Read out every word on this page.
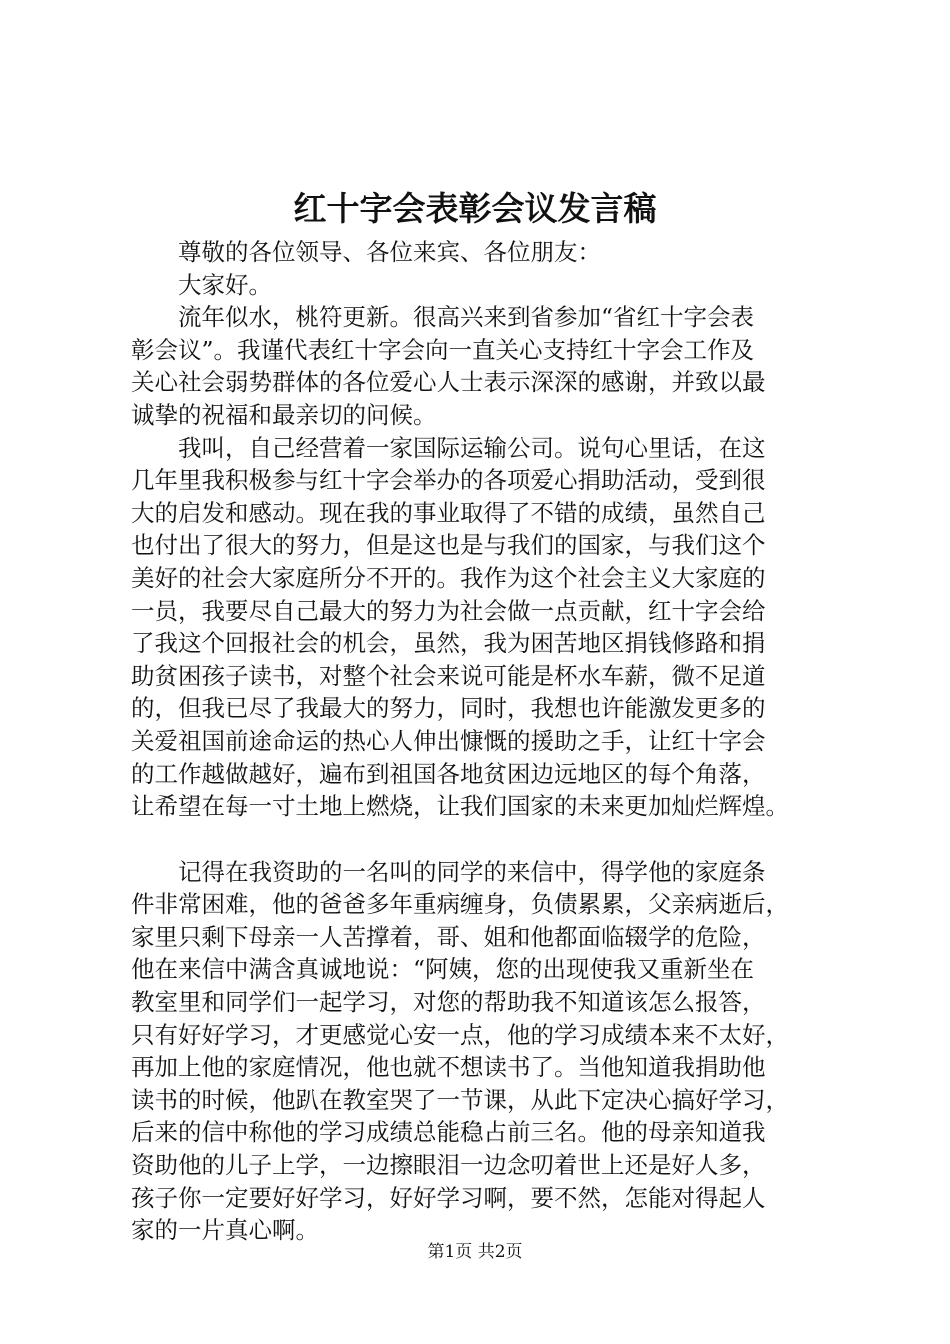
红十字会表彰会议发言稿

尊敬的各位领导、各位来宾、各位朋友：

大家好。

流年似水，桃符更新。很高兴来到省参加“省红十字会表
彰会议”。我谨代表红十字会向一直关心支持红十字会工作及
关心社会弱势群体的各位爱心人士表示深深的感谢，并致以最
诚挚的祝福和最亲切的问候。

我叫，自己经营着一家国际运输公司。说句心里话，在这
几年里我积极参与红十字会举办的各项爱心捐助活动，受到很
大的启发和感动。现在我的事业取得了不错的成绩，虽然自己
也付出了很大的努力，但是这也是与我们的国家，与我们这个
美好的社会大家庭所分不开的。我作为这个社会主义大家庭的
一员，我要尽自己最大的努力为社会做一点贡献，红十字会给
了我这个回报社会的机会，虽然，我为困苦地区捐钱修路和捐
助贫困孩子读书，对整个社会来说可能是杯水车薪，微不足道
的，但我已尽了我最大的努力，同时，我想也许能激发更多的
关爱祖国前途命运的热心人伸出慷慨的援助之手，让红十字会
的工作越做越好，遍布到祖国各地贫困边远地区的每个角落，
让希望在每一寸土地上燃烧，让我们国家的未来更加灿烂辉煌。

记得在我资助的一名叫的同学的来信中，得学他的家庭条
件非常困难，他的爸爸多年重病缠身，负债累累，父亲病逝后，
家里只剩下母亲一人苦撑着，哥、姐和他都面临辍学的危险，
他在来信中满含真诚地说：“阿姨，您的出现使我又重新坐在
教室里和同学们一起学习，对您的帮助我不知道该怎么报答，
只有好好学习，才更感觉心安一点，他的学习成绩本来不太好，
再加上他的家庭情况，他也就不想读书了。当他知道我捐助他
读书的时候，他趴在教室哭了一节课，从此下定决心搞好学习，
后来的信中称他的学习成绩总能稳占前三名。他的母亲知道我
资助他的儿子上学，一边擦眼泪一边念叨着世上还是好人多，
孩子你一定要好好学习，好好学习啊，要不然，怎能对得起人
家的一片真心啊。

第1页 共2页
